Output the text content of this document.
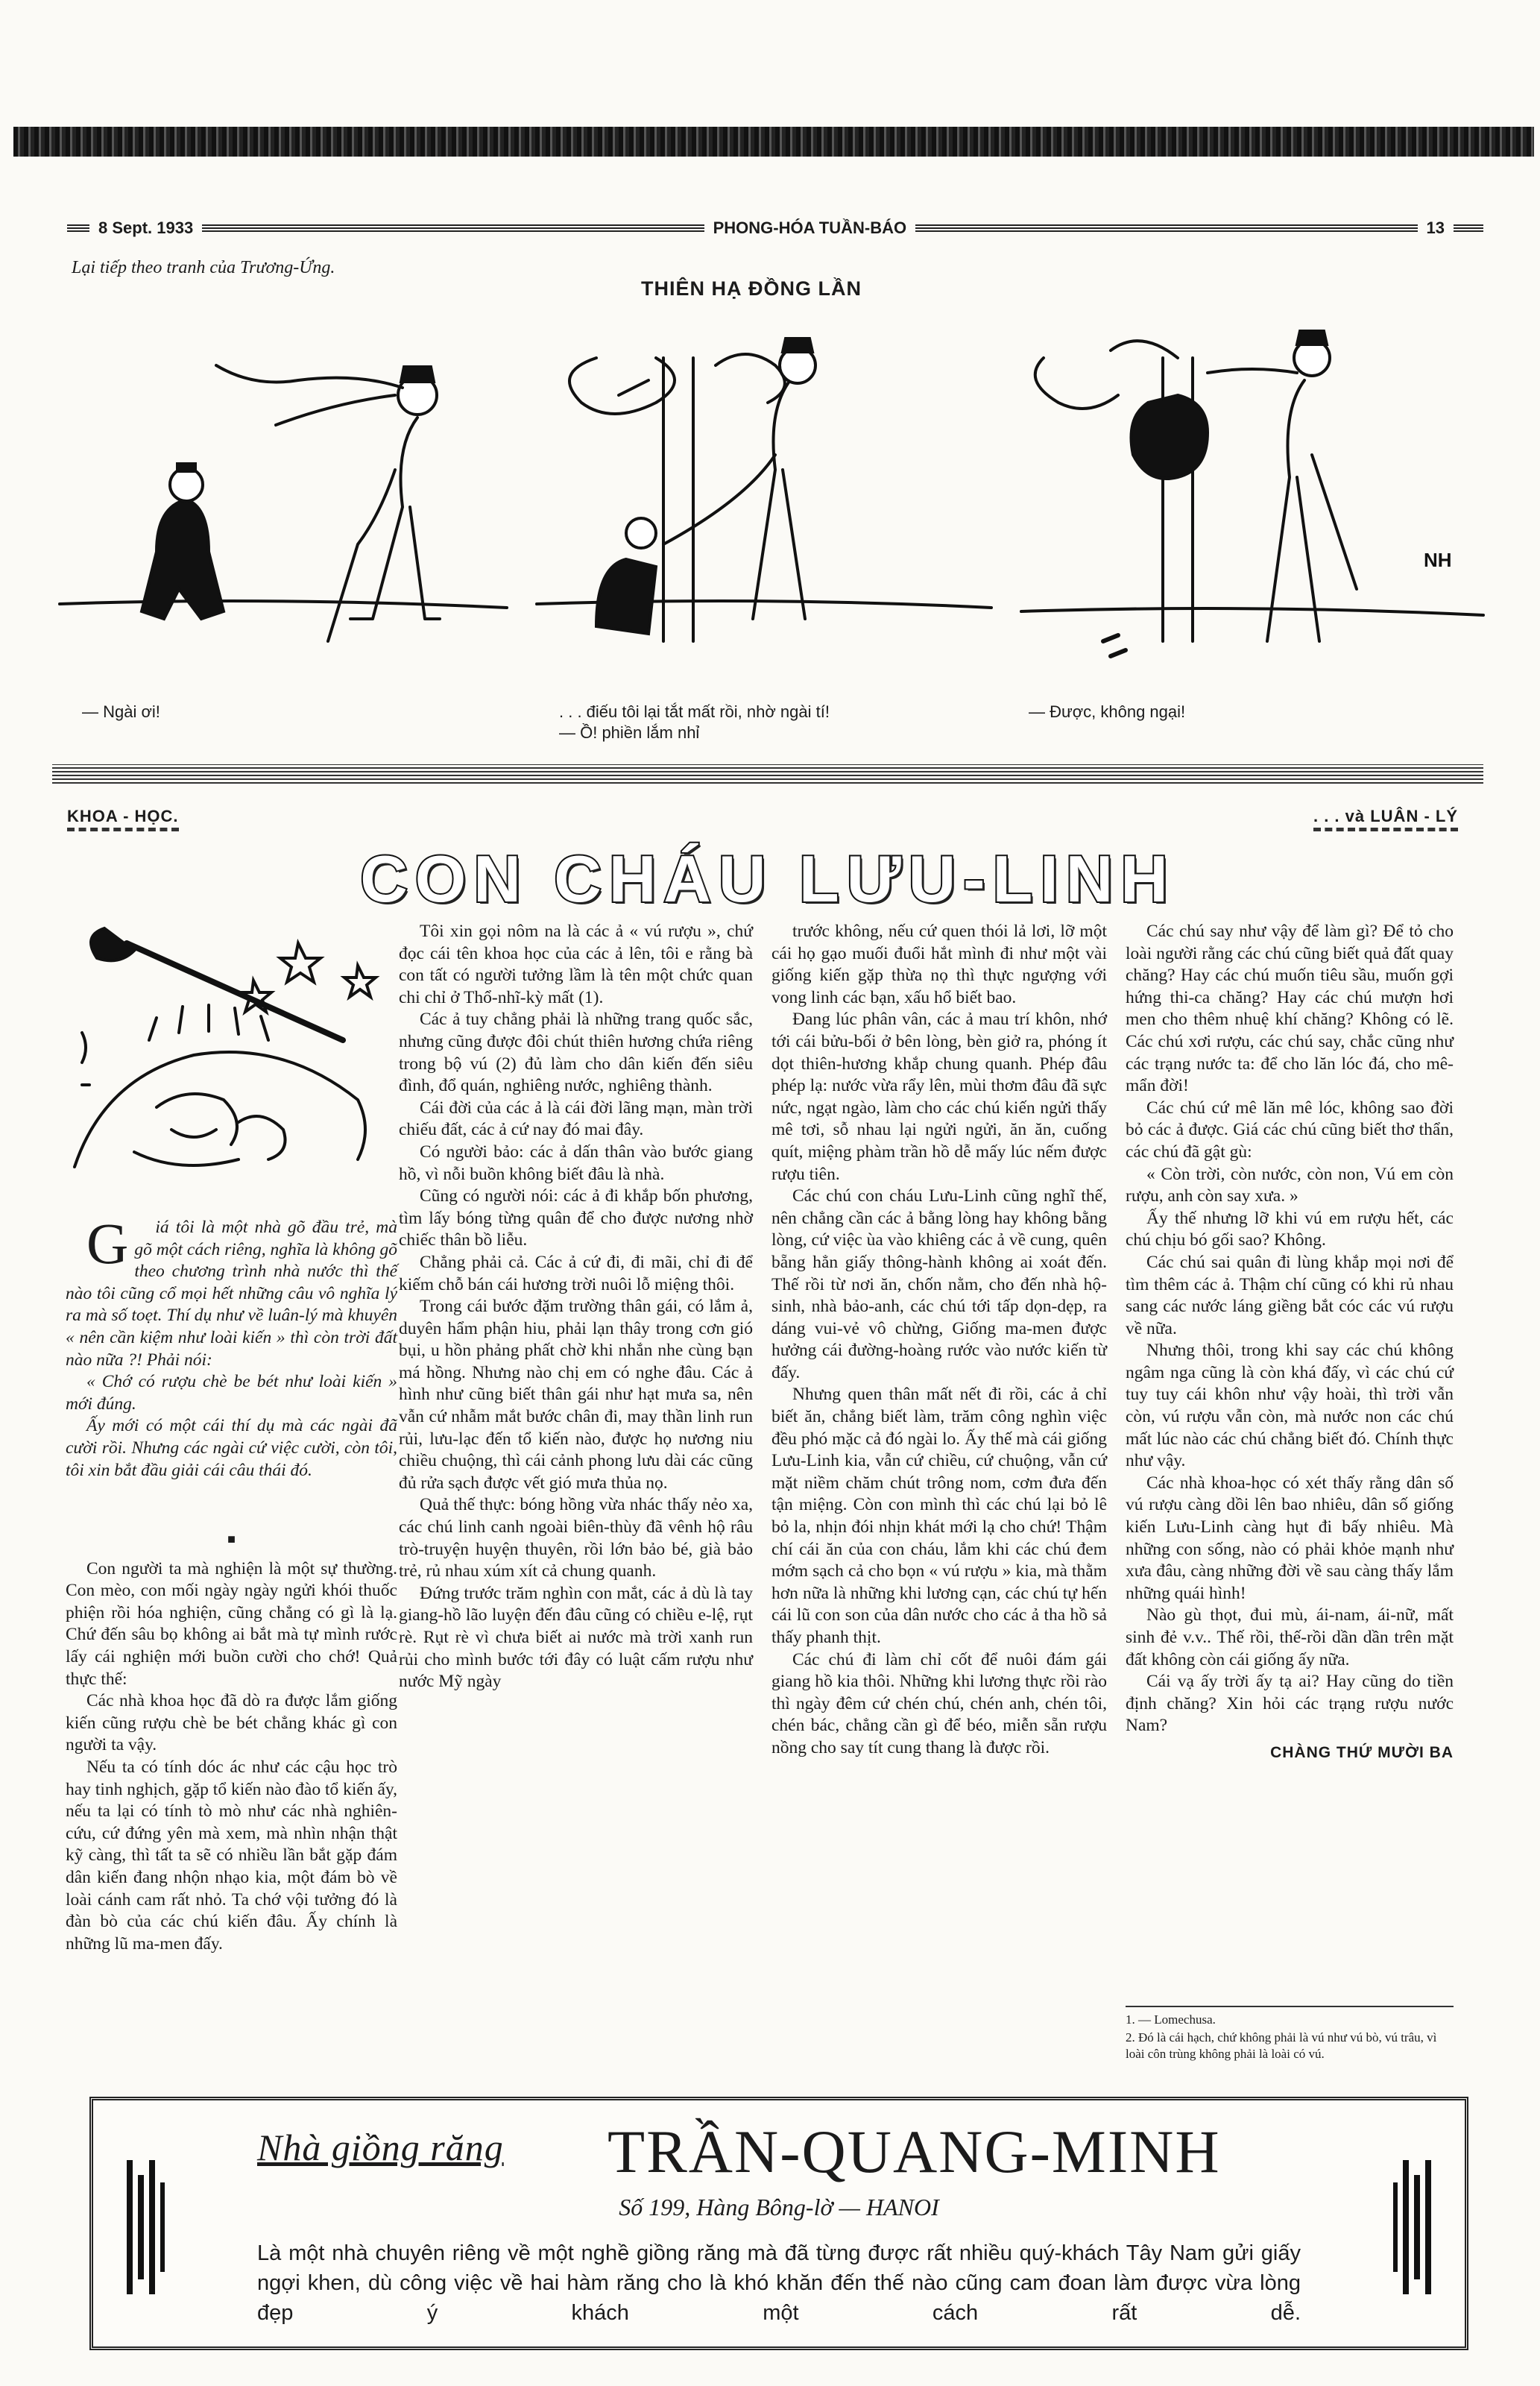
8 Sept. 1933	PHONG-HÓA TUẦN-BÁO	13
Lại tiếp theo tranh của Trương-Ứng.
THIÊN HẠ ĐỒNG LẦN
NH
— Ngài ơi!	. . . điếu tôi lại tắt mất rồi, nhờ ngài tí!
— Ồ! phiền lắm nhỉ
— Được, không ngại!
KHOA - HỌC.	. . . và LUÂN - LÝ
CON CHÁU LƯU-LINH

Giá tôi là một nhà gõ đầu trẻ, mà gõ một cách riêng, nghĩa là không gõ theo chương trình nhà nước thì thế nào tôi cũng cổ mọi hết những câu vô nghĩa lý ra mà số toẹt. Thí dụ như về luân-lý mà khuyên « nên cần kiệm như loài kiến » thì còn trời đất nào nữa ?! Phải nói:

« Chớ có rượu chè be bét như loài kiến » mới đúng.

Ấy mới có một cái thí dụ mà các ngài đã cười rồi. Nhưng các ngài cứ việc cười, còn tôi, tôi xin bắt đầu giải cái câu thái đó.

■

Con người ta mà nghiện là một sự thường. Con mèo, con mối ngày ngày ngửi khói thuốc phiện rồi hóa nghiện, cũng chẳng có gì là lạ. Chứ đến sâu bọ không ai bắt mà tự mình rước lấy cái nghiện mới buồn cười cho chớ! Quả thực thế:

Các nhà khoa học đã dò ra được lắm giống kiến cũng rượu chè be bét chẳng khác gì con người ta vậy.

Nếu ta có tính dóc ác như các cậu học trò hay tinh nghịch, gặp tổ kiến nào đào tổ kiến ấy, nếu ta lại có tính tò mò như các nhà nghiên-cứu, cứ đứng yên mà xem, mà nhìn nhận thật kỹ càng, thì tất ta sẽ có nhiều lần bắt gặp đám dân kiến đang nhộn nhạo kia, một đám bò về loài cánh cam rất nhỏ. Ta chớ vội tưởng đó là đàn bò của các chú kiến đâu. Ấy chính là những lũ ma-men đấy.

Tôi xin gọi nôm na là các ả « vú rượu », chứ đọc cái tên khoa học của các ả lên, tôi e rằng bà con tất có người tưởng lầm là tên một chức quan chi chỉ ở Thổ-nhĩ-kỳ mất (1).

Các ả tuy chẳng phải là những trang quốc sắc, nhưng cũng được đôi chút thiên hương chứa riêng trong bộ vú (2) đủ làm cho dân kiến đến siêu đình, đổ quán, nghiêng nước, nghiêng thành.

Cái đời của các ả là cái đời lãng mạn, màn trời chiếu đất, các ả cứ nay đó mai đây.

Có người bảo: các ả dấn thân vào bước giang hồ, vì nỗi buồn không biết đâu là nhà.

Cũng có người nói: các ả đi khắp bốn phương, tìm lấy bóng từng quân để cho được nương nhờ chiếc thân bồ liễu.

Chẳng phải cả. Các ả cứ đi, đi mãi, chỉ đi để kiếm chỗ bán cái hương trời nuôi lỗ miệng thôi.

Trong cái bước đặm trường thân gái, có lắm ả, duyên hẩm phận hiu, phải lạn thây trong cơn gió bụi, u hồn phảng phất chờ khi nhắn nhe cùng bạn má hồng. Nhưng nào chị em có nghe đâu. Các ả hình như cũng biết thân gái như hạt mưa sa, nên vẫn cứ nhẫm mắt bước chân đi, may thần linh run rủi, lưu-lạc đến tổ kiến nào, được họ nương niu chiều chuộng, thì cái cảnh phong lưu dài các cũng đủ rửa sạch được vết gió mưa thủa nọ.

Quả thế thực: bóng hồng vừa nhác thấy nẻo xa, các chú linh canh ngoài biên-thùy đã vênh hộ râu trò-truyện huyện thuyên, rồi lớn bảo bé, già bảo trẻ, rủ nhau xúm xít cả chung quanh.

Đứng trước trăm nghìn con mắt, các ả dù là tay giang-hồ lão luyện đến đâu cũng có chiều e-lệ, rụt rè. Rụt rè vì chưa biết ai nước mà trời xanh run rủi cho mình bước tới đây có luật cấm rượu như nước Mỹ ngày

trước không, nếu cứ quen thói lả lơi, lỡ một cái họ gạo muối đuổi hắt mình đi như một vài giống kiến gặp thừa nọ thì thực ngượng với vong linh các bạn, xấu hổ biết bao.

Đang lúc phân vân, các ả mau trí khôn, nhớ tới cái bửu-bối ở bên lòng, bèn giở ra, phóng ít dọt thiên-hương khắp chung quanh. Phép đâu phép lạ: nước vừa rẩy lên, mùi thơm đâu đã sực nức, ngạt ngào, làm cho các chú kiến ngửi thấy mê tơi, sỗ nhau lại ngửi ngửi, ăn ăn, cuống quít, miệng phàm trần hồ dễ mấy lúc nếm được rượu tiên.

Các chú con cháu Lưu-Linh cũng nghĩ thế, nên chẳng cần các ả bằng lòng hay không bằng lòng, cứ việc ùa vào khiêng các ả về cung, quên bẵng hẳn giấy thông-hành không ai xoát đến. Thế rồi từ nơi ăn, chốn nằm, cho đến nhà hộ-sinh, nhà bảo-anh, các chú tới tấp dọn-dẹp, ra dáng vui-vẻ vô chừng, Giống ma-men được hưởng cái đường-hoàng rước vào nước kiến từ đấy.

Nhưng quen thân mất nết đi rồi, các ả chỉ biết ăn, chẳng biết làm, trăm công nghìn việc đều phó mặc cả đó ngài lo. Ấy thế mà cái giống Lưu-Linh kia, vẫn cứ chiều, cứ chuộng, vẫn cứ mặt niềm chăm chút trông nom, cơm đưa đến tận miệng. Còn con mình thì các chú lại bỏ lê bỏ la, nhịn đói nhịn khát mới lạ cho chứ! Thậm chí cái ăn của con cháu, lắm khi các chú đem mớm sạch cả cho bọn « vú rượu » kia, mà thằm hơn nữa là những khi lương cạn, các chú tự hến cái lũ con son của dân nước cho các ả tha hồ sả thấy phanh thịt.

Các chú đi làm chỉ cốt để nuôi đám gái giang hồ kia thôi. Những khi lương thực rồi rào thì ngày đêm cứ chén chú, chén anh, chén tôi, chén bác, chẳng cần gì để béo, miễn sẵn rượu nồng cho say tít cung thang là được rồi.

Các chú say như vậy để làm gì? Để tỏ cho loài người rằng các chú cũng biết quả đất quay chăng? Hay các chú muốn tiêu sầu, muốn gợi hứng thi-ca chăng? Hay các chú mượn hơi men cho thêm nhuệ khí chăng? Không có lẽ. Các chú xơi rượu, các chú say, chắc cũng như các trạng nước ta: để cho lăn lóc đá, cho mê-mẩn đời!

Các chú cứ mê lăn mê lóc, không sao đời bỏ các ả được. Giá các chú cũng biết thơ thẩn, các chú đã gật gù:

« Còn trời, còn nước, còn non, Vú em còn rượu, anh còn say xưa. »

Ấy thế nhưng lỡ khi vú em rượu hết, các chú chịu bó gối sao? Không.

Các chú sai quân đi lùng khắp mọi nơi để tìm thêm các ả. Thậm chí cũng có khi rủ nhau sang các nước láng giềng bắt cóc các vú rượu về nữa.

Nhưng thôi, trong khi say các chú không ngâm nga cũng là còn khá đấy, vì các chú cứ tuy tuy cái khôn như vậy hoài, thì trời vẫn còn, vú rượu vẫn còn, mà nước non các chú mất lúc nào các chú chẳng biết đó. Chính thực như vậy.

Các nhà khoa-học có xét thấy rằng dân số vú rượu càng dồi lên bao nhiêu, dân số giống kiến Lưu-Linh càng hụt đi bấy nhiêu. Mà những con sống, nào có phải khỏe mạnh như xưa đâu, càng những đời về sau càng thấy lắm những quái hình!

Nào gù thọt, đui mù, ái-nam, ái-nữ, mất sinh đẻ v.v.. Thế rồi, thế-rồi dần dần trên mặt đất không còn cái giống ấy nữa.

Cái vạ ấy trời ấy tạ ai? Hay cũng do tiền định chăng? Xin hỏi các trạng rượu nước Nam?

CHÀNG THỨ MƯỜI BA

1. — Lomechusa.

2. Đó là cái hạch, chứ không phải là vú như vú bò, vú trâu, vì loài côn trùng không phải là loài có vú.

Nhà giồng răng TRẦN-QUANG-MINH
Số 199, Hàng Bông-lờ — HANOI
Là một nhà chuyên riêng về một nghề giồng răng mà đã từng được rất nhiều quý-khách Tây Nam gửi giấy ngợi khen, dù công việc về hai hàm răng cho là khó khăn đến thế nào cũng cam đoan làm được vừa lòng đẹp ý khách một cách rất dễ.
